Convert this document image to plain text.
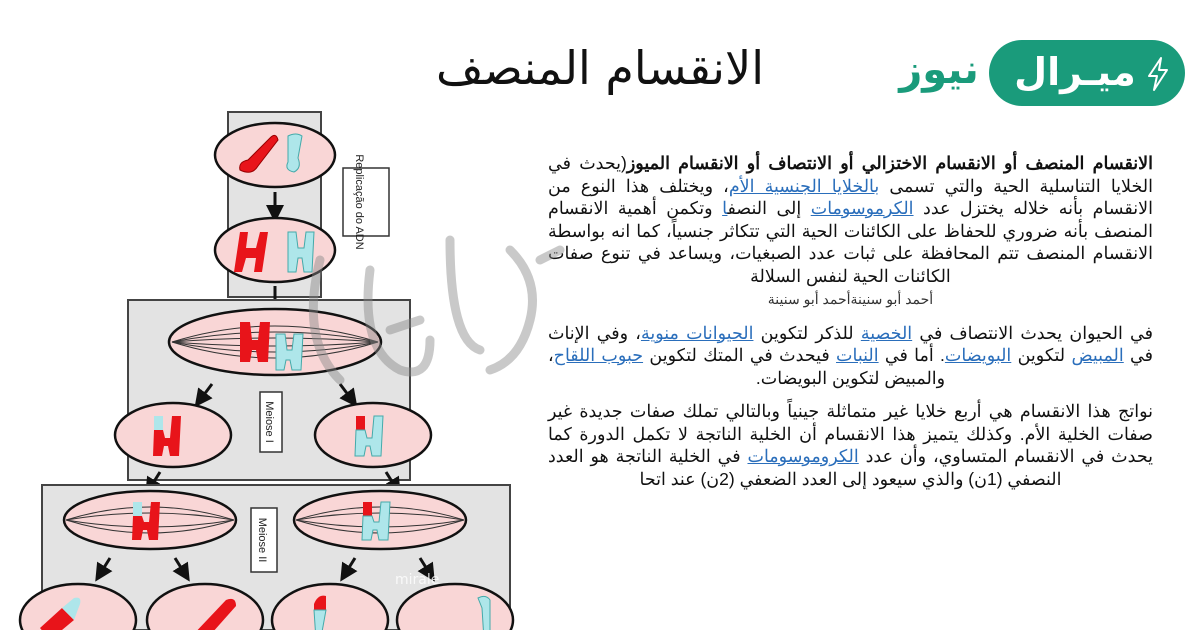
الانقسام المنصف	نيوز ميـرال

الانقسام المنصف أو الانقسام الاختزالي أو الانتصاف أو الانقسام الميوز(يحدث في الخلايا التناسلية الحية والتي تسمى بالخلايا الجنسية الأم، ويختلف هذا النوع من الانقسام بأنه خلاله يختزل عدد الكرموسومات إلى النصفا وتكمن أهمية الانقسام المنصف بأنه ضروري للحفاظ على الكائنات الحية التي تتكاثر جنسياً، كما انه بواسطة الانقسام المنصف تتم المحافظة على ثبات عدد الصبغيات، ويساعد في تنوع صفات الكائنات الحية لنفس السلالة
أحمد أبو سنينةأحمد أبو سنينة

في الحيوان يحدث الانتصاف في الخصية للذكر لتكوين الحيوانات منوية، وفي الإناث في المبيض لتكوين البويضات. أما في النبات فيحدث في المتك لتكوين حبوب اللقاح، والمبيض لتكوين البويضات.

نواتج هذا الانقسام هي أربع خلايا غير متماثلة جينياً وبالتالي تملك صفات جديدة غير صفات الخلية الأم. وكذلك يتميز هذا الانقسام أن الخلية الناتجة لا تكمل الدورة كما يحدث في الانقسام المتساوي، وأن عدد الكروموسومات في الخلية الناتجة هو العدد النصفي (1ن) والذي سيعود إلى العدد الضعفي (2ن) عند اتحا

Replicação do ADN
Meiose I
Meiose II
mirale
